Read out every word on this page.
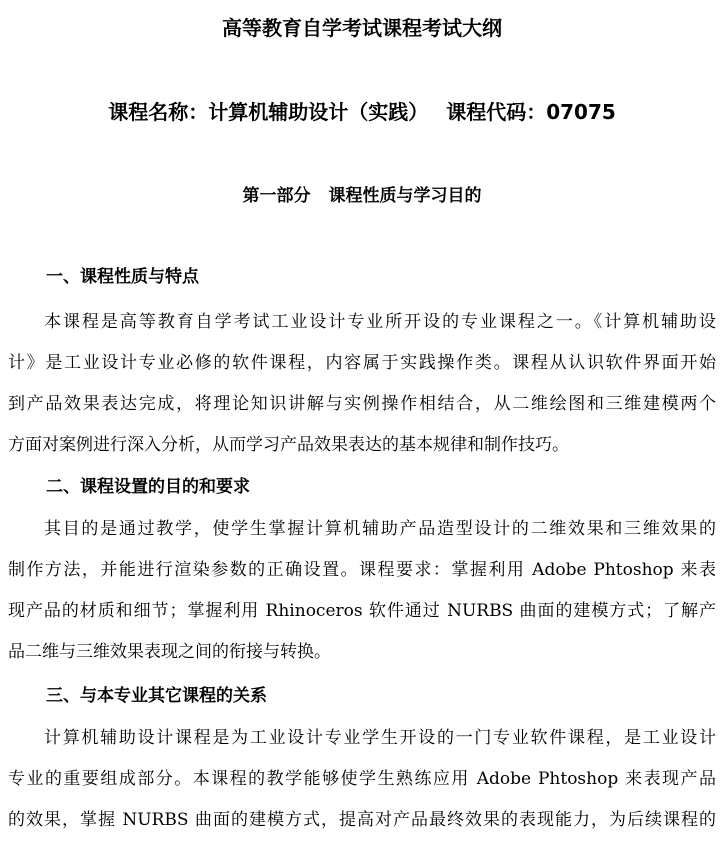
高等教育自学考试课程考试大纲
课程名称：计算机辅助设计（实践） 课程代码：07075
第一部分 课程性质与学习目的
一、课程性质与特点
本课程是高等教育自学考试工业设计专业所开设的专业课程之一。《计算机辅助设
计》是工业设计专业必修的软件课程，内容属于实践操作类。课程从认识软件界面开始
到产品效果表达完成，将理论知识讲解与实例操作相结合，从二维绘图和三维建模两个
方面对案例进行深入分析，从而学习产品效果表达的基本规律和制作技巧。
二、课程设置的目的和要求
其目的是通过教学，使学生掌握计算机辅助产品造型设计的二维效果和三维效果的
制作方法，并能进行渲染参数的正确设置。课程要求：掌握利用 Adobe Phtoshop 来表
现产品的材质和细节；掌握利用 Rhinoceros 软件通过 NURBS 曲面的建模方式；了解产
品二维与三维效果表现之间的衔接与转换。
三、与本专业其它课程的关系
计算机辅助设计课程是为工业设计专业学生开设的一门专业软件课程，是工业设计
专业的重要组成部分。本课程的教学能够使学生熟练应用 Adobe Phtoshop 来表现产品
的效果，掌握 NURBS 曲面的建模方式，提高对产品最终效果的表现能力，为后续课程的
